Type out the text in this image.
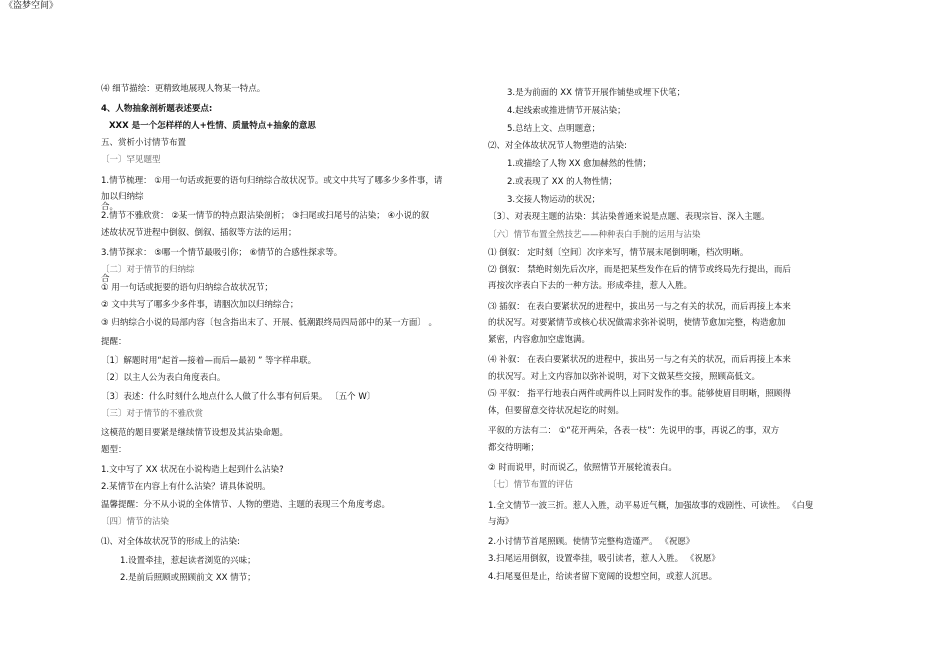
《盗梦空间》
⑷ 细节描绘：更精致地展现人物某一特点。
4、人物抽象剖析题表述要点:
XXX 是一个怎样样的人+性情、质量特点+抽象的意思
五、赏析小讨情节布置
〔一〕罕见题型
1.情节梳理： ①用一句话或扼要的语句归纳综合故状况节。或文中共写了哪多少多件事，请
加以归纳综
合。
2.情节不雅欣赏： ②某一情节的特点跟沾染剖析； ③扫尾或扫尾号的沾染； ④小说的叙
述故状况节进程中倒叙、倒叙、插叙等方法的运用；
3.情节探求： ⑤哪一个情节最吸引你； ⑥情节的合感性探求等。
〔二〕对于情节的归纳综
合
① 用一句话或扼要的语句归纳综合故状况节；
② 文中共写了哪多少多件事，请胭次加以归纳综合；
③ 归纳综合小说的局部内容〔包含指出末了、开展、低潮跟终局四局部中的某一方面〕 。
提醒：
〔1〕解题时用“起首—接着—而后—最初 ” 等字样串联。
〔2〕以主人公为表白角度表白。
〔3〕表述：什么时刻什么地点什么人做了什么事有何后果。 〔五个 W〕
〔三〕对于情节的不雅欣赏
这模范的题目要紧是继续情节设想及其沾染命题。
题型：
1.文中写了 XX 状况在小说构造上起到什么沾染?
2.某情节在内容上有什么沾染？请具体说明。
温馨提醒：分不从小说的全体情节、人物的塑造、主题的表现三个角度考虑。
〔四〕情节的沾染
⑴、对全体故状况节的形成上的沾染:
1.设置牵挂，惹起读者浏览的兴味；
2.是前后照顾或照顾前文 XX 情节；
3.是为前面的 XX 情节开展作铺垫或埋下伏笔；
4.起线索或推进情节开展沾染；
5.总结上文、点明题意；
⑵、对全体故状况节人物塑造的沾染:
1.或描绘了人物 XX 愈加赫然的性情；
2.或表现了 XX 的人物性情；
3.交接人物运动的状况；
〔3〕、对表现主题的沾染：其沾染普通来说是点题、表现宗旨、深入主题。
〔六〕情节布置全然技艺——种种表白手腕的运用与沾染
⑴ 倒叙： 定时刻〔空间〕次序来写，情节展末尾倒明晰，档次明晰。
⑵ 倒叙： 禁绝时刻先后次序，而是把某些发作在后的情节或终局先行提出，而后
再按次序表白下去的一种方法。形成牵挂，惹人入胜。
⑶ 插叙： 在表白要紧状况的进程中，拔出另一与之有关的状况，而后再接上本来
的状况写。对要紧情节或核心状况做需求弥补说明，使情节愈加完整，构造愈加
紧密，内容愈加空虚饱满。
⑷ 补叙： 在表白要紧状况的进程中，拔出另一与之有关的状况，而后再接上本来
的状况写。对上文内容加以弥补说明，对下文做某些交接，照顾高低文。
⑸ 平叙： 指平行地表白两件或两件以上同时发作的事。能够使眉目明晰，照顾得
体，但要留意交待状况起讫的时刻。
平叙的方法有二： ①“花开两朵，各表一枝”：先说甲的事，再说乙的事，双方
都交待明晰；
② 时而说甲，时而说乙，依照情节开展轮流表白。
〔七〕情节布置的评估
1.全文情节一波三折。惹人入胜，动平易近气概，加强故事的戏剧性、可读性。 《白叟
与海》
2.小讨情节首尾照顾。使情节完整构造谨严。 《祝愿》
3.扫尾运用倒叙，设置牵挂，吸引读者，惹人入胜。 《祝愿》
4.扫尾戛但是止，给读者留下宽阔的设想空间，或惹人沉思。
